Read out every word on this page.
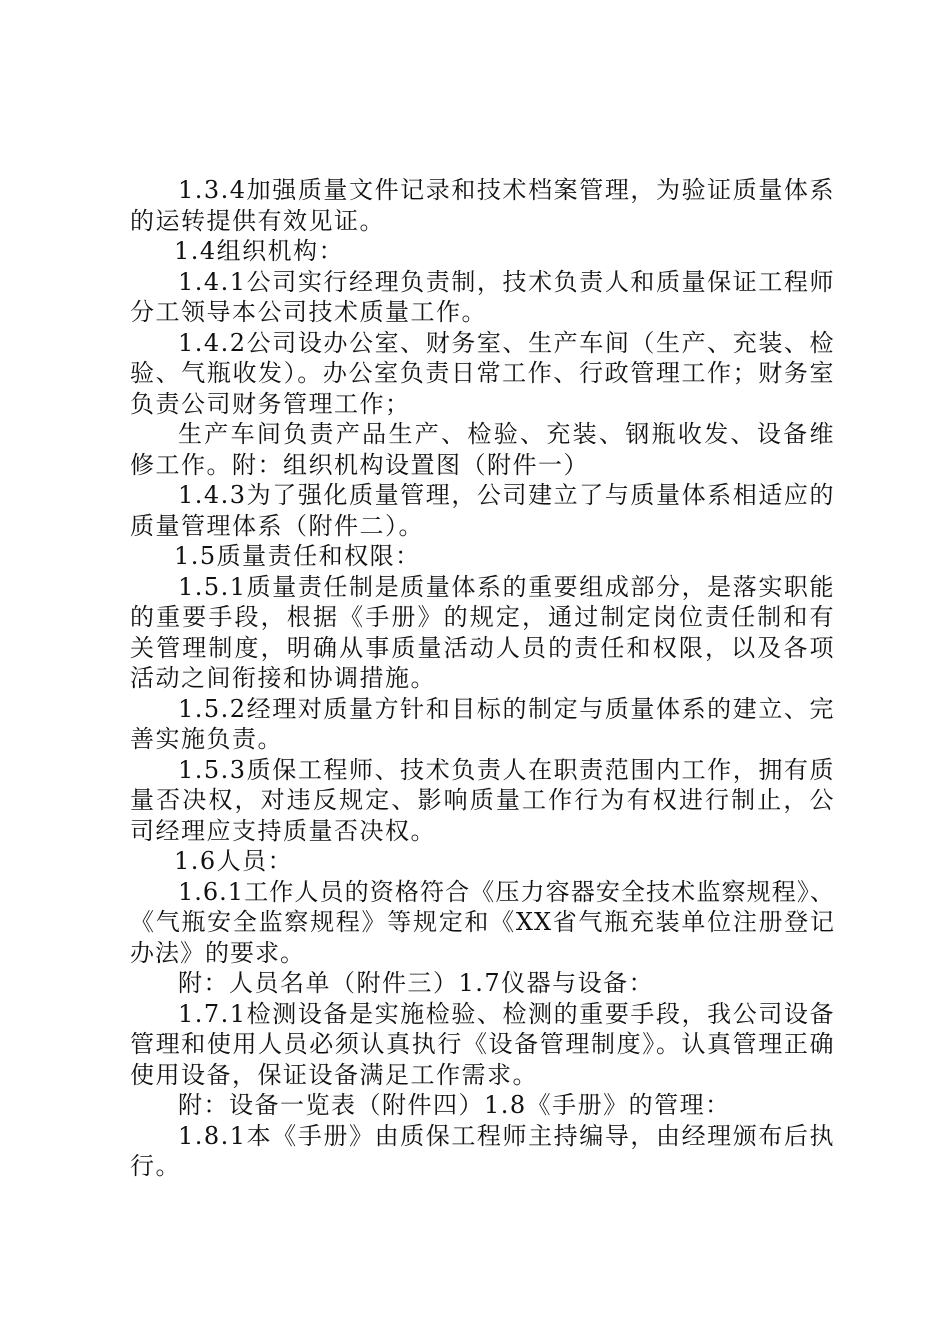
1.3.4加强质量文件记录和技术档案管理，为验证质量体系的运转提供有效见证。

1.4组织机构：

1.4.1公司实行经理负责制，技术负责人和质量保证工程师分工领导本公司技术质量工作。

1.4.2公司设办公室、财务室、生产车间（生产、充装、检验、气瓶收发）。办公室负责日常工作、行政管理工作；财务室负责公司财务管理工作；

生产车间负责产品生产、检验、充装、钢瓶收发、设备维修工作。附：组织机构设置图（附件一）

1.4.3为了强化质量管理，公司建立了与质量体系相适应的质量管理体系（附件二）。

1.5质量责任和权限：

1.5.1质量责任制是质量体系的重要组成部分，是落实职能的重要手段，根据《手册》的规定，通过制定岗位责任制和有关管理制度，明确从事质量活动人员的责任和权限，以及各项活动之间衔接和协调措施。

1.5.2经理对质量方针和目标的制定与质量体系的建立、完善实施负责。

1.5.3质保工程师、技术负责人在职责范围内工作，拥有质量否决权，对违反规定、影响质量工作行为有权进行制止，公司经理应支持质量否决权。

1.6人员：

1.6.1工作人员的资格符合《压力容器安全技术监察规程》、《气瓶安全监察规程》等规定和《XX省气瓶充装单位注册登记办法》的要求。

附：人员名单（附件三）1.7仪器与设备：

1.7.1检测设备是实施检验、检测的重要手段，我公司设备管理和使用人员必须认真执行《设备管理制度》。认真管理正确使用设备，保证设备满足工作需求。

附：设备一览表（附件四）1.8《手册》的管理：

1.8.1本《手册》由质保工程师主持编导，由经理颁布后执行。
